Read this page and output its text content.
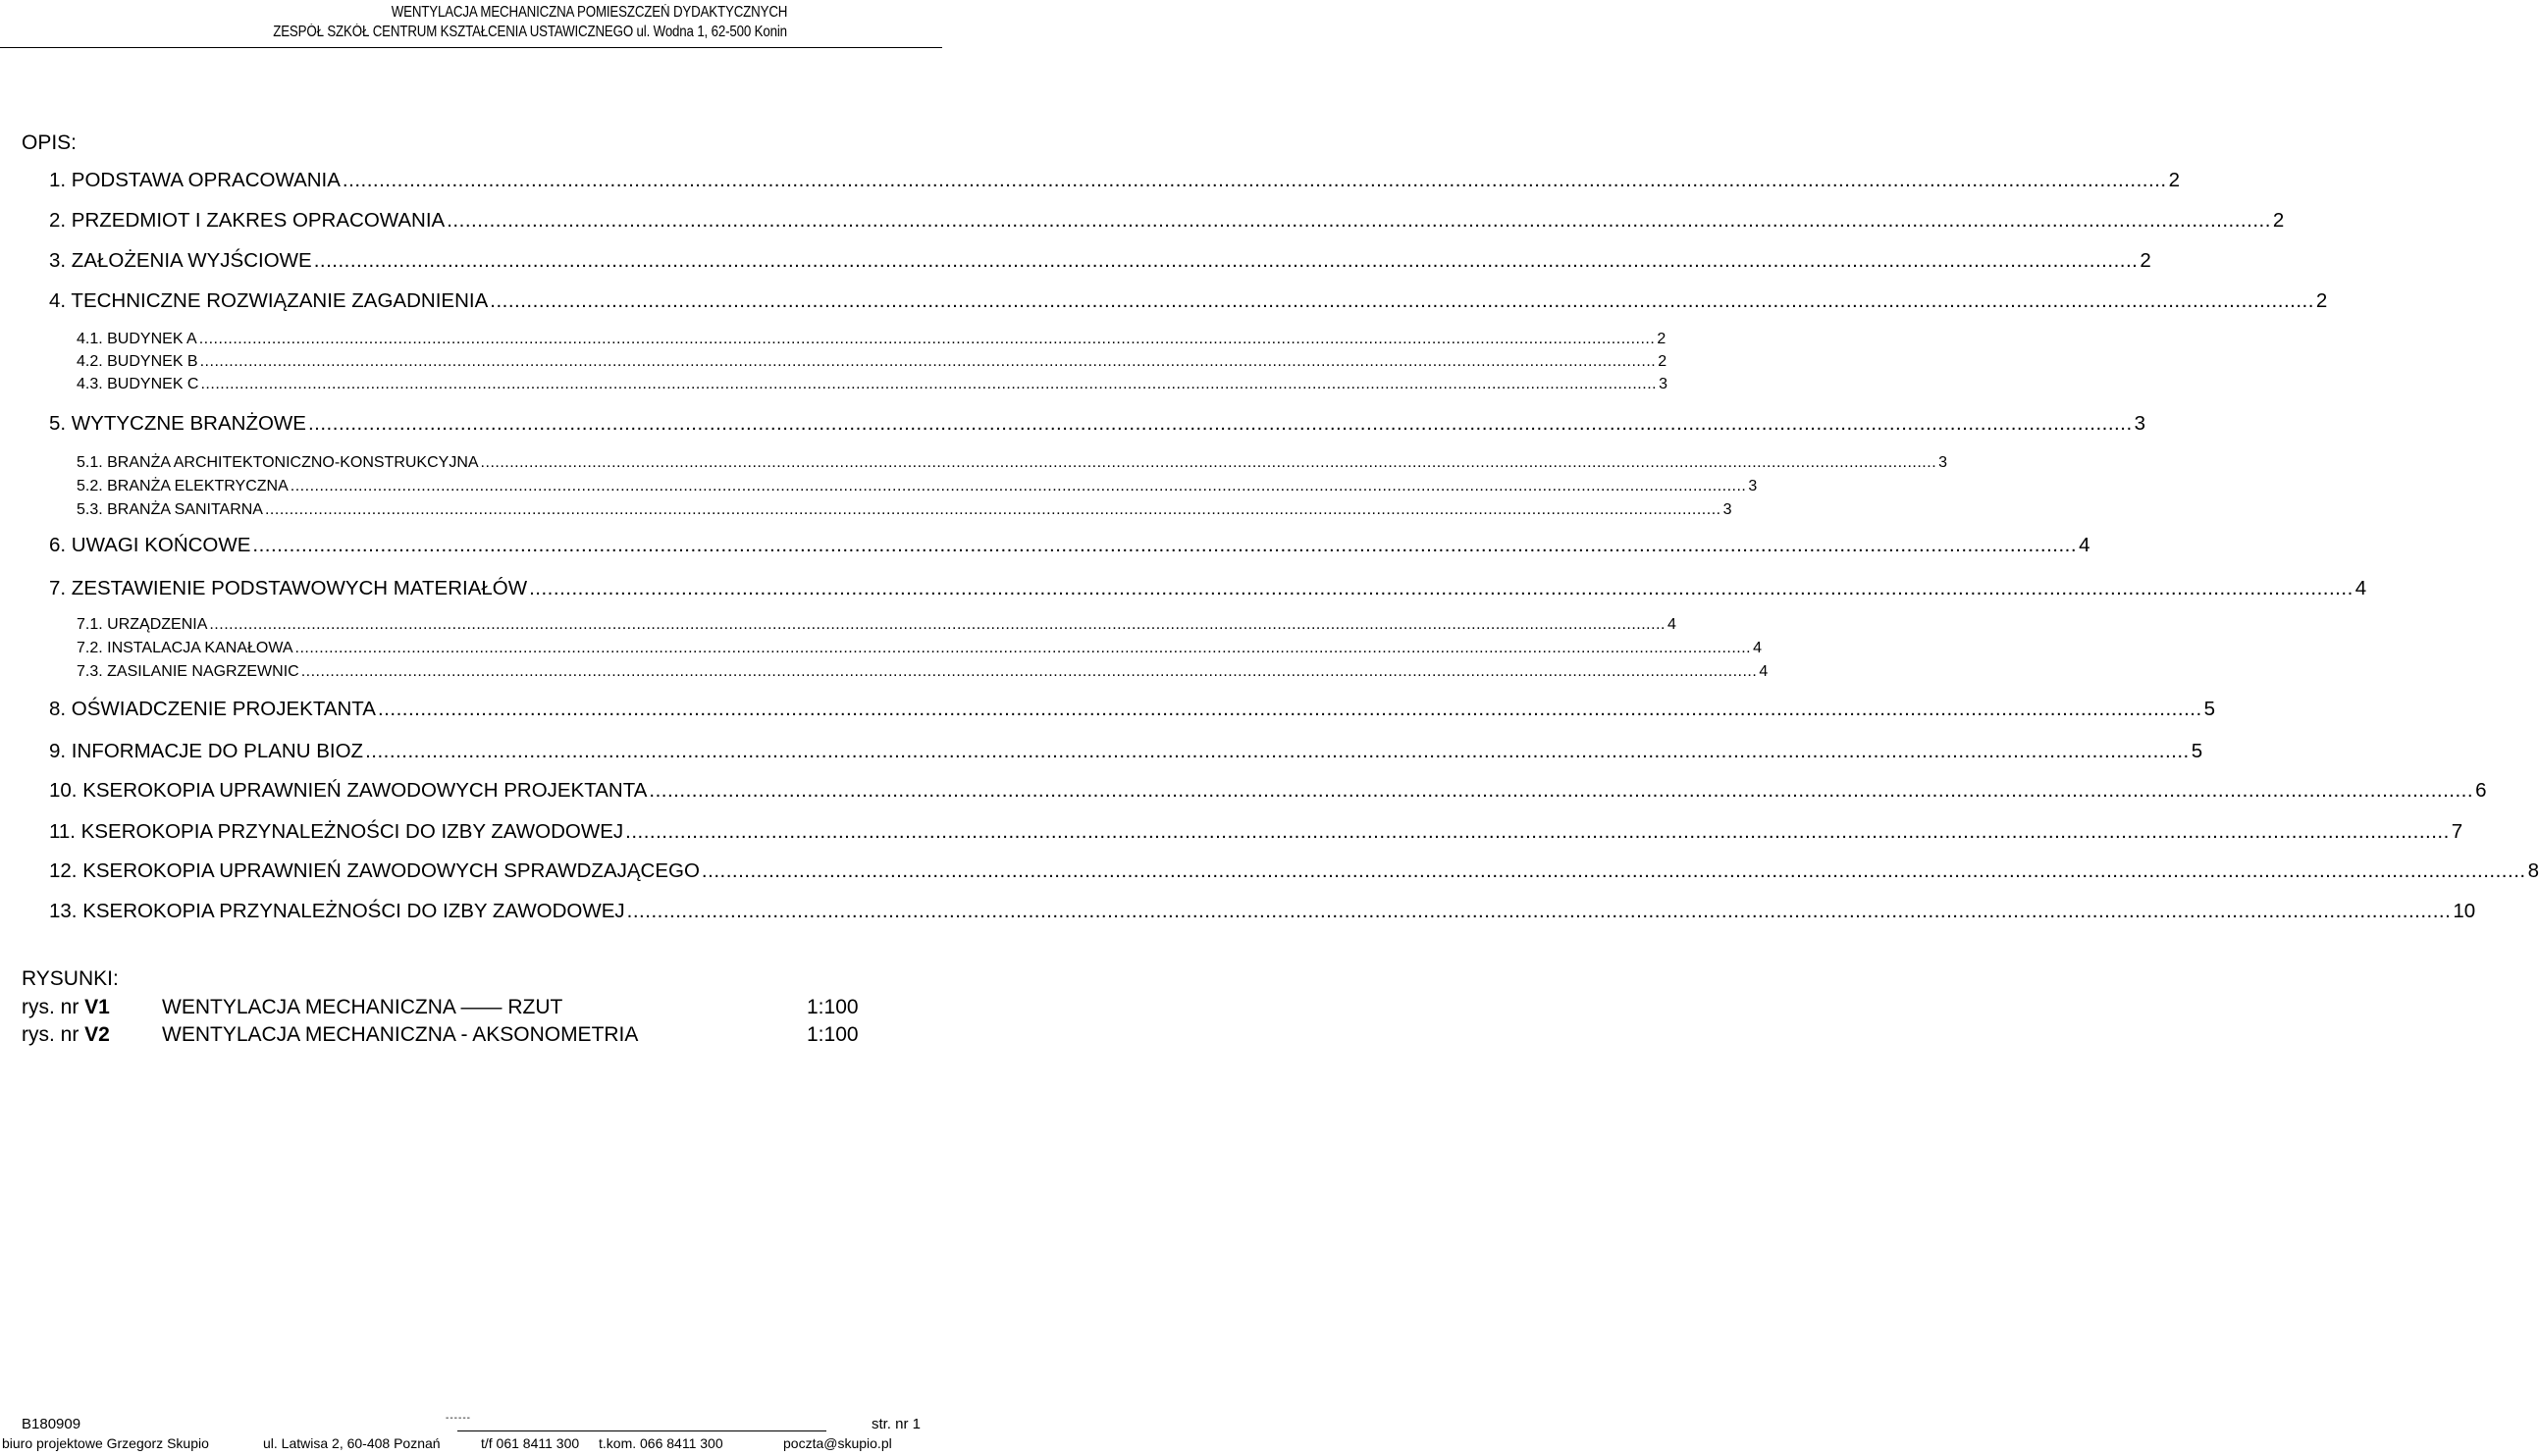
WENTYLACJA MECHANICZNA POMIESZCZEŃ DYDAKTYCZNYCH
ZESPÓŁ SZKÓŁ CENTRUM KSZTAŁCENIA USTAWICZNEGO ul. Wodna 1, 62-500 Konin
OPIS:
1. PODSTAWA OPRACOWANIA ............................................................................................................................................................................................................................................................................................................ 2
2. PRZEDMIOT I ZAKRES OPRACOWANIA ............................................................................................................................................................................................................................................................................................................ 2
3. ZAŁOŻENIA WYJŚCIOWE ............................................................................................................................................................................................................................................................................................................ 2
4. TECHNICZNE ROZWIĄZANIE ZAGADNIENIA ............................................................................................................................................................................................................................................................................................................ 2
4.1. BUDYNEK A ............................................................................................................................................................................................................................................................................................................ 2
4.2. BUDYNEK B ............................................................................................................................................................................................................................................................................................................ 2
4.3. BUDYNEK C ............................................................................................................................................................................................................................................................................................................ 3
5. WYTYCZNE BRANŻOWE ............................................................................................................................................................................................................................................................................................................ 3
5.1. BRANŻA ARCHITEKTONICZNO-KONSTRUKCYJNA ............................................................................................................................................................................................................................................................................................................ 3
5.2. BRANŻA ELEKTRYCZNA ............................................................................................................................................................................................................................................................................................................ 3
5.3. BRANŻA SANITARNA ............................................................................................................................................................................................................................................................................................................ 3
6. UWAGI KOŃCOWE ............................................................................................................................................................................................................................................................................................................ 4
7. ZESTAWIENIE PODSTAWOWYCH MATERIAŁÓW ............................................................................................................................................................................................................................................................................................................ 4
7.1. URZĄDZENIA ............................................................................................................................................................................................................................................................................................................ 4
7.2. INSTALACJA KANAŁOWA ............................................................................................................................................................................................................................................................................................................ 4
7.3. ZASILANIE NAGRZEWNIC ............................................................................................................................................................................................................................................................................................................ 4
8. OŚWIADCZENIE PROJEKTANTA ............................................................................................................................................................................................................................................................................................................ 5
9. INFORMACJE DO PLANU BIOZ ............................................................................................................................................................................................................................................................................................................ 5
10. KSEROKOPIA UPRAWNIEŃ ZAWODOWYCH PROJEKTANTA ............................................................................................................................................................................................................................................................................................................ 6
11. KSEROKOPIA PRZYNALEŻNOŚCI DO IZBY ZAWODOWEJ ............................................................................................................................................................................................................................................................................................................ 7
12. KSEROKOPIA UPRAWNIEŃ ZAWODOWYCH SPRAWDZAJĄCEGO ............................................................................................................................................................................................................................................................................................................ 8
13. KSEROKOPIA PRZYNALEŻNOŚCI DO IZBY ZAWODOWEJ ............................................................................................................................................................................................................................................................................................................ 10
RYSUNKI:
rys. nr V1	WENTYLACJA MECHANICZNA ―― RZUT	1:100
rys. nr V2	WENTYLACJA MECHANICZNA - AKSONOMETRIA	1:100
B180909	------	str. nr 1
biuro projektowe Grzegorz Skupio	ul. Latwisa 2, 60-408 Poznań	t/f 061 8411 300 t.kom. 066 8411 300	poczta@skupio.pl
